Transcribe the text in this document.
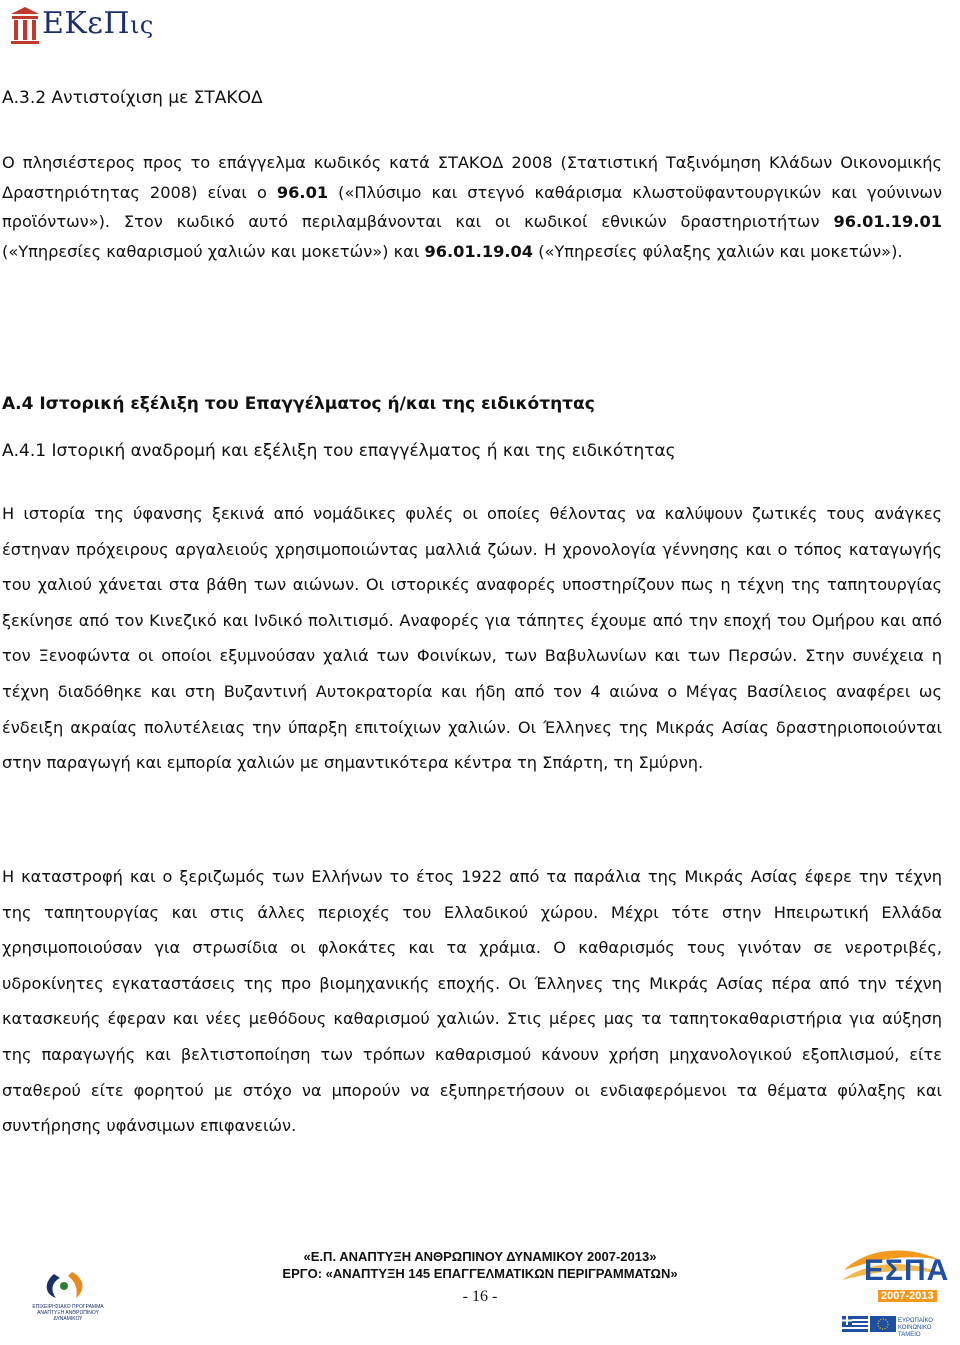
ΕΚεΠις
Α.3.2 Αντιστοίχιση με ΣΤΑΚΟΔ
Ο πλησιέστερος προς το επάγγελμα κωδικός κατά ΣΤΑΚΟΔ 2008 (Στατιστική Ταξινόμηση Κλάδων Οικονομικής Δραστηριότητας 2008) είναι ο 96.01 («Πλύσιμο και στεγνό καθάρισμα κλωστοϋφαντουργικών και γούνινων προϊόντων»). Στον κωδικό αυτό περιλαμβάνονται και οι κωδικοί εθνικών δραστηριοτήτων 96.01.19.01 («Υπηρεσίες καθαρισμού χαλιών και μοκετών») και 96.01.19.04 («Υπηρεσίες φύλαξης χαλιών και μοκετών»).
Α.4 Ιστορική εξέλιξη του Επαγγέλματος ή/και της ειδικότητας
Α.4.1 Ιστορική αναδρομή και εξέλιξη του επαγγέλματος ή και της ειδικότητας
Η ιστορία της ύφανσης ξεκινά από νομάδικες φυλές οι οποίες θέλοντας να καλύψουν ζωτικές τους ανάγκες έστηναν πρόχειρους αργαλειούς χρησιμοποιώντας μαλλιά ζώων. Η χρονολογία γέννησης και ο τόπος καταγωγής του χαλιού χάνεται στα βάθη των αιώνων. Οι ιστορικές αναφορές υποστηρίζουν πως η τέχνη της ταπητουργίας ξεκίνησε από τον Κινεζικό και Ινδικό πολιτισμό. Αναφορές για τάπητες έχουμε από την εποχή του Ομήρου και από τον Ξενοφώντα οι οποίοι εξυμνούσαν χαλιά των Φοινίκων, των Βαβυλωνίων και των Περσών. Στην συνέχεια η τέχνη διαδόθηκε και στη Βυζαντινή Αυτοκρατορία και ήδη από τον 4 αιώνα ο Μέγας Βασίλειος αναφέρει ως ένδειξη ακραίας πολυτέλειας την ύπαρξη επιτοίχιων χαλιών. Οι Έλληνες της Μικράς Ασίας δραστηριοποιούνται στην παραγωγή και εμπορία χαλιών με σημαντικότερα κέντρα τη Σπάρτη, τη Σμύρνη.
Η καταστροφή και ο ξεριζωμός των Ελλήνων το έτος 1922 από τα παράλια της Μικράς Ασίας έφερε την τέχνη της ταπητουργίας και στις άλλες περιοχές του Ελλαδικού χώρου. Μέχρι τότε στην Ηπειρωτική Ελλάδα χρησιμοποιούσαν για στρωσίδια οι φλοκάτες και τα χράμια. Ο καθαρισμός τους γινόταν σε νεροτριβές, υδροκίνητες εγκαταστάσεις της προ βιομηχανικής εποχής. Οι Έλληνες της Μικράς Ασίας πέρα από την τέχνη κατασκευής έφεραν και νέες μεθόδους καθαρισμού χαλιών. Στις μέρες μας τα ταπητοκαθαριστήρια για αύξηση της παραγωγής και βελτιστοποίηση των τρόπων καθαρισμού κάνουν χρήση μηχανολογικού εξοπλισμού, είτε σταθερού είτε φορητού με στόχο να μπορούν να εξυπηρετήσουν οι ενδιαφερόμενοι τα θέματα φύλαξης και συντήρησης υφάνσιμων επιφανειών.
ΕΠΙΧΕΙΡΗΣΙΑΚΟ ΠΡΟΓΡΑΜΜΑ ΑΝΑΠΤΥΞΗ ΑΝΘΡΩΠΙΝΟΥ ΔΥΝΑΜΙΚΟΥ
«Ε.Π. ΑΝΑΠΤΥΞΗ ΑΝΘΡΩΠΙΝΟΥ ΔΥΝΑΜΙΚΟΥ 2007-2013»
ΕΡΓΟ: «ΑΝΑΠΤΥΞΗ 145 ΕΠΑΓΓΕΛΜΑΤΙΚΩΝ ΠΕΡΙΓΡΑΜΜΑΤΩΝ»
- 16 -
ΕΣΠΑ
2007-2013
ΕΥΡΩΠΑΪΚΟ ΚΟΙΝΩΝΙΚΟ ΤΑΜΕΙΟ
